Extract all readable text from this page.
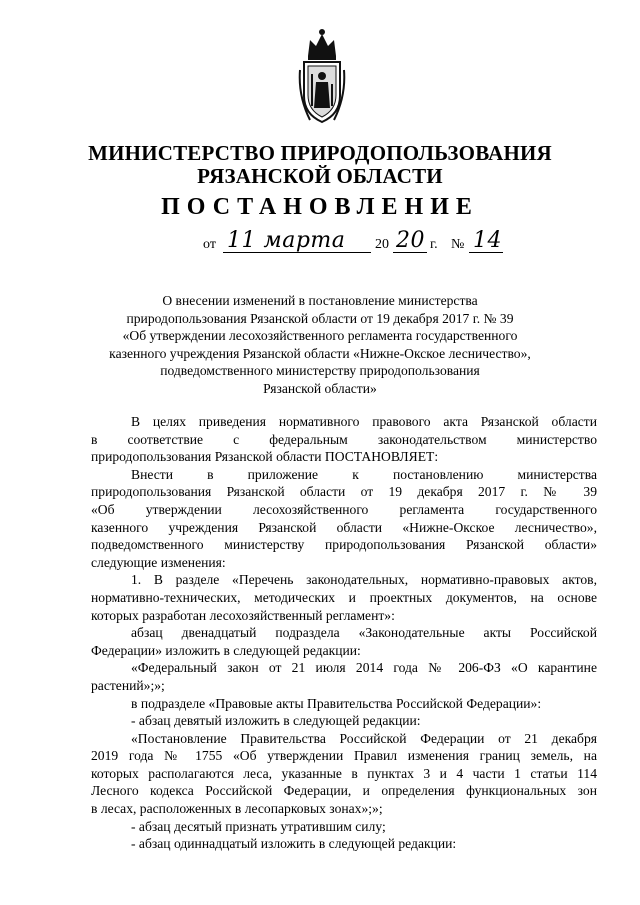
МИНИСТЕРСТВО ПРИРОДОПОЛЬЗОВАНИЯ
РЯЗАНСКОЙ ОБЛАСТИ
ПОСТАНОВЛЕНИЕ
от 11 марта 20 20 г. № 14
О внесении изменений в постановление министерства
природопользования Рязанской области от 19 декабря 2017 г. № 39
«Об утверждении лесохозяйственного регламента государственного
казенного учреждения Рязанской области «Нижне-Окское лесничество»,
подведомственного министерству природопользования
Рязанской области»

В целях приведения нормативного правового акта Рязанской области

в соответствие с федеральным законодательством министерство

природопользования Рязанской области ПОСТАНОВЛЯЕТ:

Внести в приложение к постановлению министерства

природопользования Рязанской области от 19 декабря 2017 г. № 39

«Об утверждении лесохозяйственного регламента государственного

казенного учреждения Рязанской области «Нижне-Окское лесничество»,

подведомственного министерству природопользования Рязанской области»

следующие изменения:

1. В разделе «Перечень законодательных, нормативно-правовых актов,

нормативно-технических, методических и проектных документов, на основе

которых разработан лесохозяйственный регламент»:

абзац двенадцатый подраздела «Законодательные акты Российской

Федерации» изложить в следующей редакции:

«Федеральный закон от 21 июля 2014 года № 206-ФЗ «О карантине

растений»;»;

в подразделе «Правовые акты Правительства Российской Федерации»:

- абзац девятый изложить в следующей редакции:

«Постановление Правительства Российской Федерации от 21 декабря

2019 года № 1755 «Об утверждении Правил изменения границ земель, на

которых располагаются леса, указанные в пунктах 3 и 4 части 1 статьи 114

Лесного кодекса Российской Федерации, и определения функциональных зон

в лесах, расположенных в лесопарковых зонах»;»;

- абзац десятый признать утратившим силу;

- абзац одиннадцатый изложить в следующей редакции:
